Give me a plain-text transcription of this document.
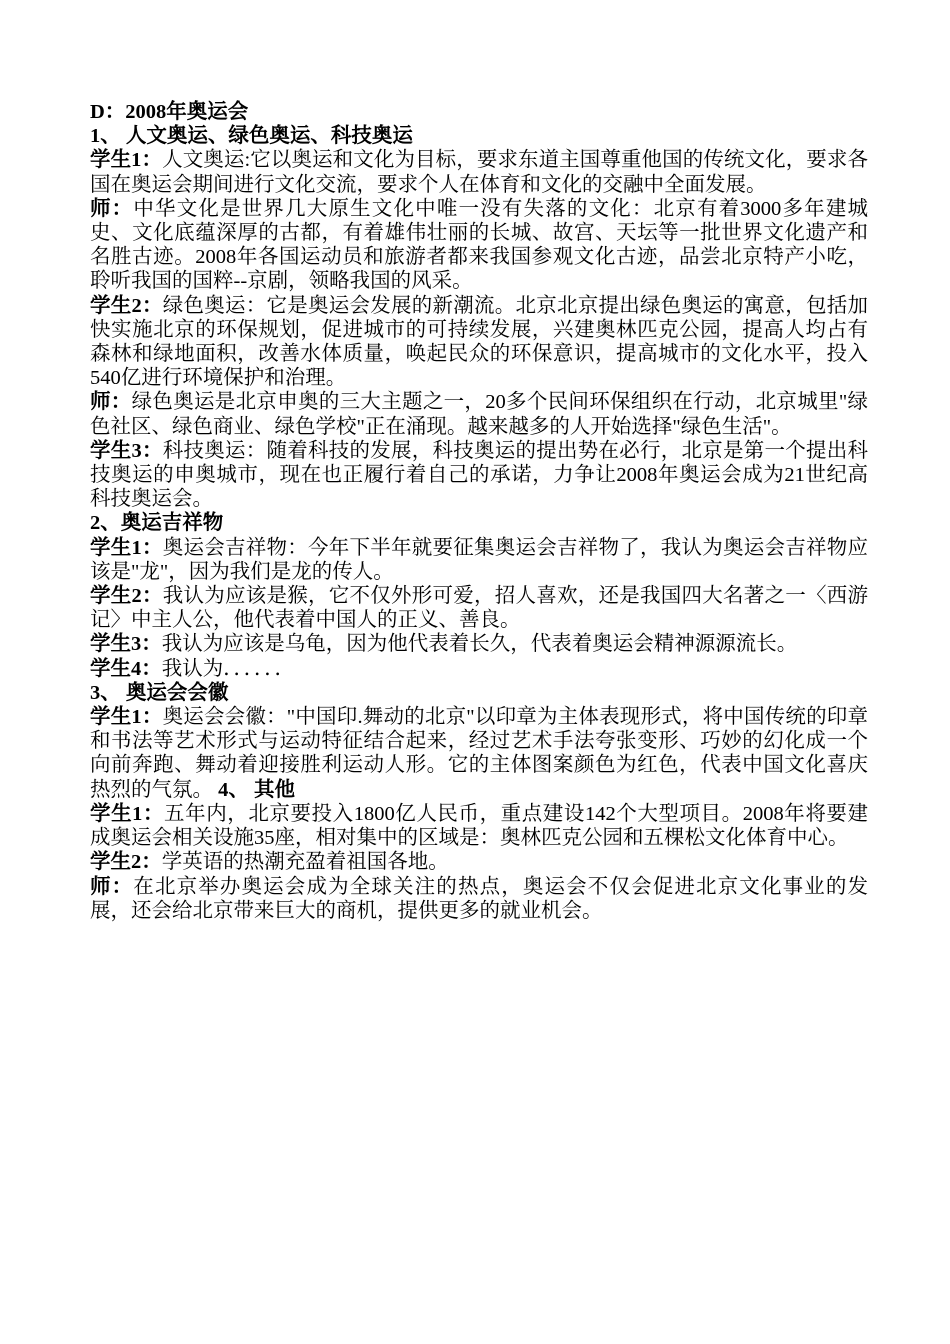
D：2008年奥运会

1、 人文奥运、绿色奥运、科技奥运

学生1：人文奥运:它以奥运和文化为目标，要求东道主国尊重他国的传统文化，要求各国在奥运会期间进行文化交流，要求个人在体育和文化的交融中全面发展。

师：中华文化是世界几大原生文化中唯一没有失落的文化：北京有着3000多年建城史、文化底蕴深厚的古都，有着雄伟壮丽的长城、故宫、天坛等一批世界文化遗产和名胜古迹。2008年各国运动员和旅游者都来我国参观文化古迹，品尝北京特产小吃，聆听我国的国粹--京剧，领略我国的风采。

学生2：绿色奥运：它是奥运会发展的新潮流。北京北京提出绿色奥运的寓意，包括加快实施北京的环保规划，促进城市的可持续发展，兴建奥林匹克公园，提高人均占有森林和绿地面积，改善水体质量，唤起民众的环保意识，提高城市的文化水平，投入540亿进行环境保护和治理。

师：绿色奥运是北京申奥的三大主题之一，20多个民间环保组织在行动，北京城里"绿色社区、绿色商业、绿色学校"正在涌现。越来越多的人开始选择"绿色生活"。

学生3：科技奥运：随着科技的发展，科技奥运的提出势在必行，北京是第一个提出科技奥运的申奥城市，现在也正履行着自己的承诺，力争让2008年奥运会成为21世纪高科技奥运会。

2、奥运吉祥物

学生1：奥运会吉祥物：今年下半年就要征集奥运会吉祥物了，我认为奥运会吉祥物应该是"龙"，因为我们是龙的传人。

学生2：我认为应该是猴，它不仅外形可爱，招人喜欢，还是我国四大名著之一〈西游记〉中主人公，他代表着中国人的正义、善良。

学生3：我认为应该是乌龟，因为他代表着长久，代表着奥运会精神源源流长。

学生4：我认为．．．．．．

3、 奥运会会徽

学生1：奥运会会徽："中国印.舞动的北京"以印章为主体表现形式，将中国传统的印章和书法等艺术形式与运动特征结合起来，经过艺术手法夸张变形、巧妙的幻化成一个向前奔跑、舞动着迎接胜利运动人形。它的主体图案颜色为红色，代表中国文化喜庆热烈的气氛。 4、 其他

学生1：五年内，北京要投入1800亿人民币，重点建设142个大型项目。2008年将要建成奥运会相关设施35座，相对集中的区域是：奥林匹克公园和五棵松文化体育中心。

学生2：学英语的热潮充盈着祖国各地。

师：在北京举办奥运会成为全球关注的热点，奥运会不仅会促进北京文化事业的发展，还会给北京带来巨大的商机，提供更多的就业机会。
